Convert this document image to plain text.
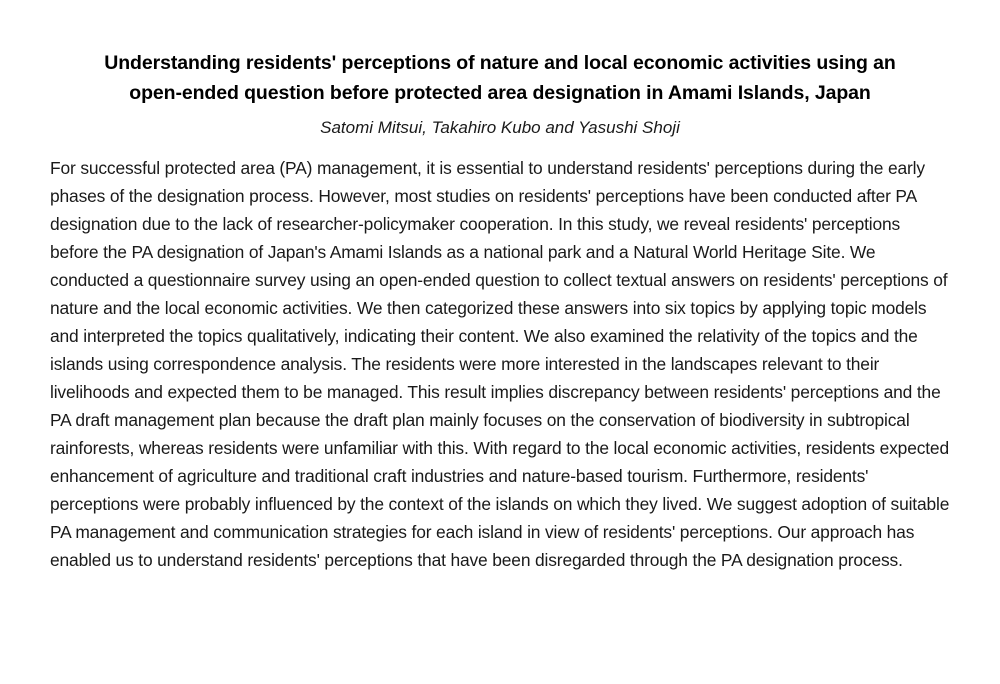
Understanding residents' perceptions of nature and local economic activities using an
open-ended question before protected area designation in Amami Islands, Japan

Satomi Mitsui, Takahiro Kubo and Yasushi Shoji

For successful protected area (PA) management, it is essential to understand residents' perceptions during the early phases of the designation process. However, most studies on residents' perceptions have been conducted after PA designation due to the lack of researcher-policymaker cooperation. In this study, we reveal residents' perceptions before the PA designation of Japan's Amami Islands as a national park and a Natural World Heritage Site. We conducted a questionnaire survey using an open-ended question to collect textual answers on residents' perceptions of nature and the local economic activities. We then categorized these answers into six topics by applying topic models and interpreted the topics qualitatively, indicating their content. We also examined the relativity of the topics and the islands using correspondence analysis. The residents were more interested in the landscapes relevant to their livelihoods and expected them to be managed. This result implies discrepancy between residents' perceptions and the PA draft management plan because the draft plan mainly focuses on the conservation of biodiversity in subtropical rainforests, whereas residents were unfamiliar with this. With regard to the local economic activities, residents expected enhancement of agriculture and traditional craft industries and nature-based tourism. Furthermore, residents' perceptions were probably influenced by the context of the islands on which they lived. We suggest adoption of suitable PA management and communication strategies for each island in view of residents' perceptions. Our approach has enabled us to understand residents' perceptions that have been disregarded through the PA designation process.
